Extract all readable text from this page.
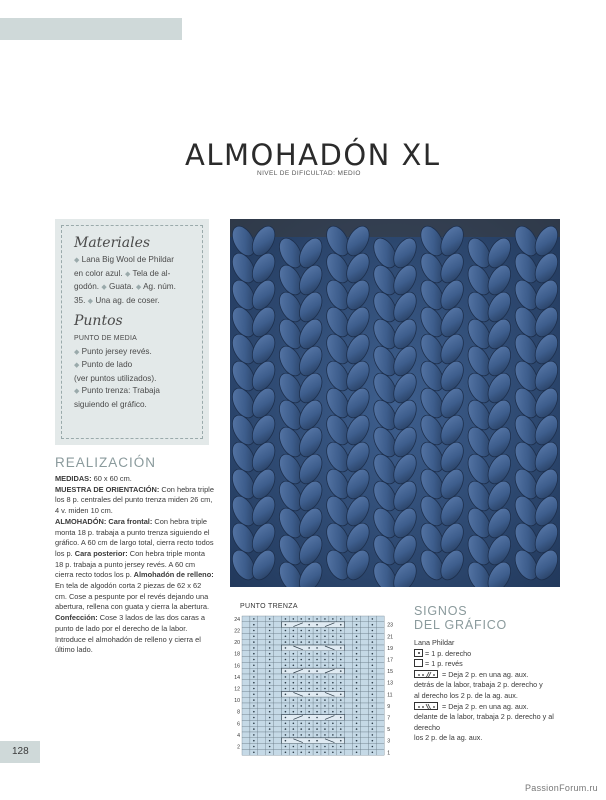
ALMOHADÓN XL
NIVEL DE DIFICULTAD: MEDIO
Materiales
◆ Lana Big Wool de Phildar
en color azul. ◆ Tela de al-
godón. ◆ Guata. ◆ Ag. núm.
35. ◆ Una ag. de coser.
Puntos
PUNTO DE MEDIA
◆ Punto jersey revés.
◆ Punto de lado
(ver puntos utilizados).
◆ Punto trenza: Trabaja
siguiendo el gráfico.
REALIZACIÓN
MEDIDAS: 60 x 60 cm.
MUESTRA DE ORIENTACIÓN: Con hebra triple los 8 p. centrales del punto trenza miden 26 cm, 4 v. miden 10 cm.
ALMOHADÓN: Cara frontal: Con hebra triple monta 18 p. trabaja a punto trenza siguiendo el gráfico. A 60 cm de largo total, cierra recto todos los p. Cara posterior: Con hebra triple monta 18 p. trabaja a punto jersey revés. A 60 cm cierra recto todos los p. Almohadón de relleno: En tela de algodón corta 2 piezas de 62 x 62 cm. Cose a pespunte por el revés dejando una abertura, rellena con guata y cierra la abertura. Confección: Cose 3 lados de las dos caras a punto de lado por el derecho de la labor. Introduce el almohadón de relleno y cierra el último lado.
PUNTO TRENZA
24
22
20
18
16
14
12
10
8
6
4
2
23
21
19
17
15
13
11
9
7
5
3
1
SIGNOS
DEL GRÁFICO
Lana Phildar
= 1 p. derecho
= 1 p. revés

= Deja 2 p. en una ag. aux.
detrás de la labor, trabaja 2 p. derecho y
al derecho los 2 p. de la ag. aux.

= Deja 2 p. en una ag. aux.
delante de la labor, trabaja 2 p. derecho y al
derecho
los 2 p. de la ag. aux.
128
PassionForum.ru
